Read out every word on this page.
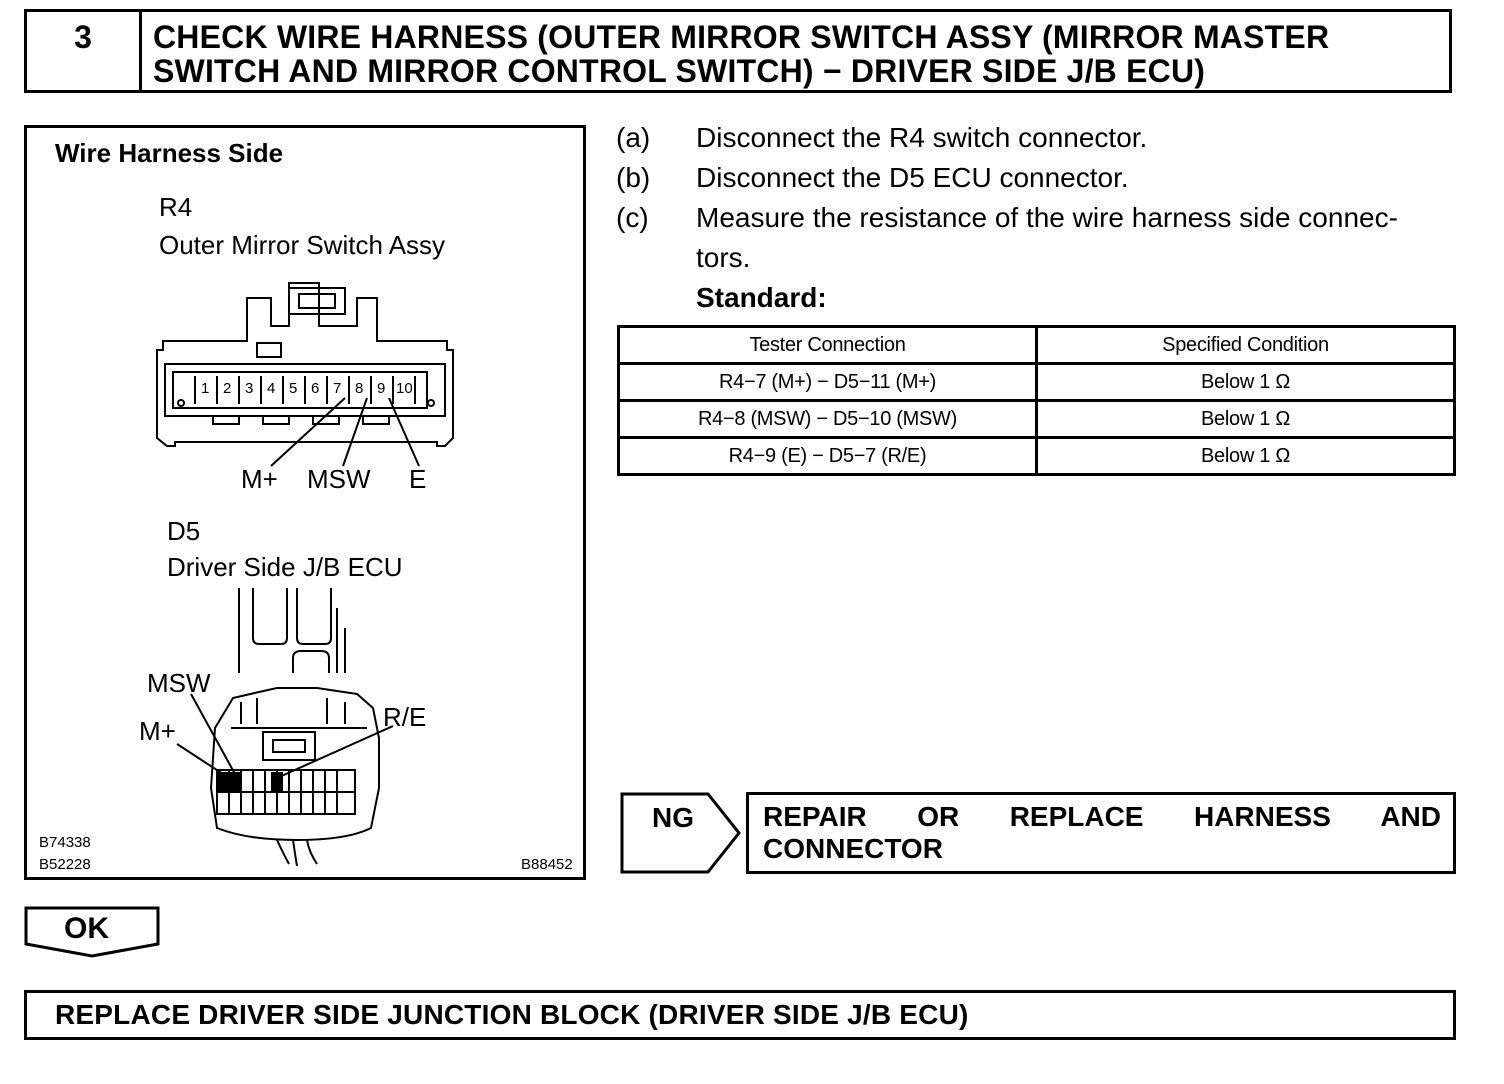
3	CHECK WIRE HARNESS (OUTER MIRROR SWITCH ASSY (MIRROR MASTER SWITCH AND MIRROR CONTROL SWITCH) − DRIVER SIDE J/B ECU)
Wire Harness Side
R4
Outer Mirror Switch Assy
1 2 3 4 5 6 7 8 9 10
M+ MSW E
D5
Driver Side J/B ECU
MSW
M+	R/E
B74338
B52228	B88452
(a) Disconnect the R4 switch connector.
(b) Disconnect the D5 ECU connector.
(c) Measure the resistance of the wire harness side connec-
tors.
Standard:
Tester Connection	Specified Condition
R4−7 (M+) − D5−11 (M+)	Below 1 Ω
R4−8 (MSW) − D5−10 (MSW)	Below 1 Ω
R4−9 (E) − D5−7 (R/E)	Below 1 Ω
NG REPAIR OR REPLACE HARNESS AND CONNECTOR
OK
REPLACE DRIVER SIDE JUNCTION BLOCK (DRIVER SIDE J/B ECU)
